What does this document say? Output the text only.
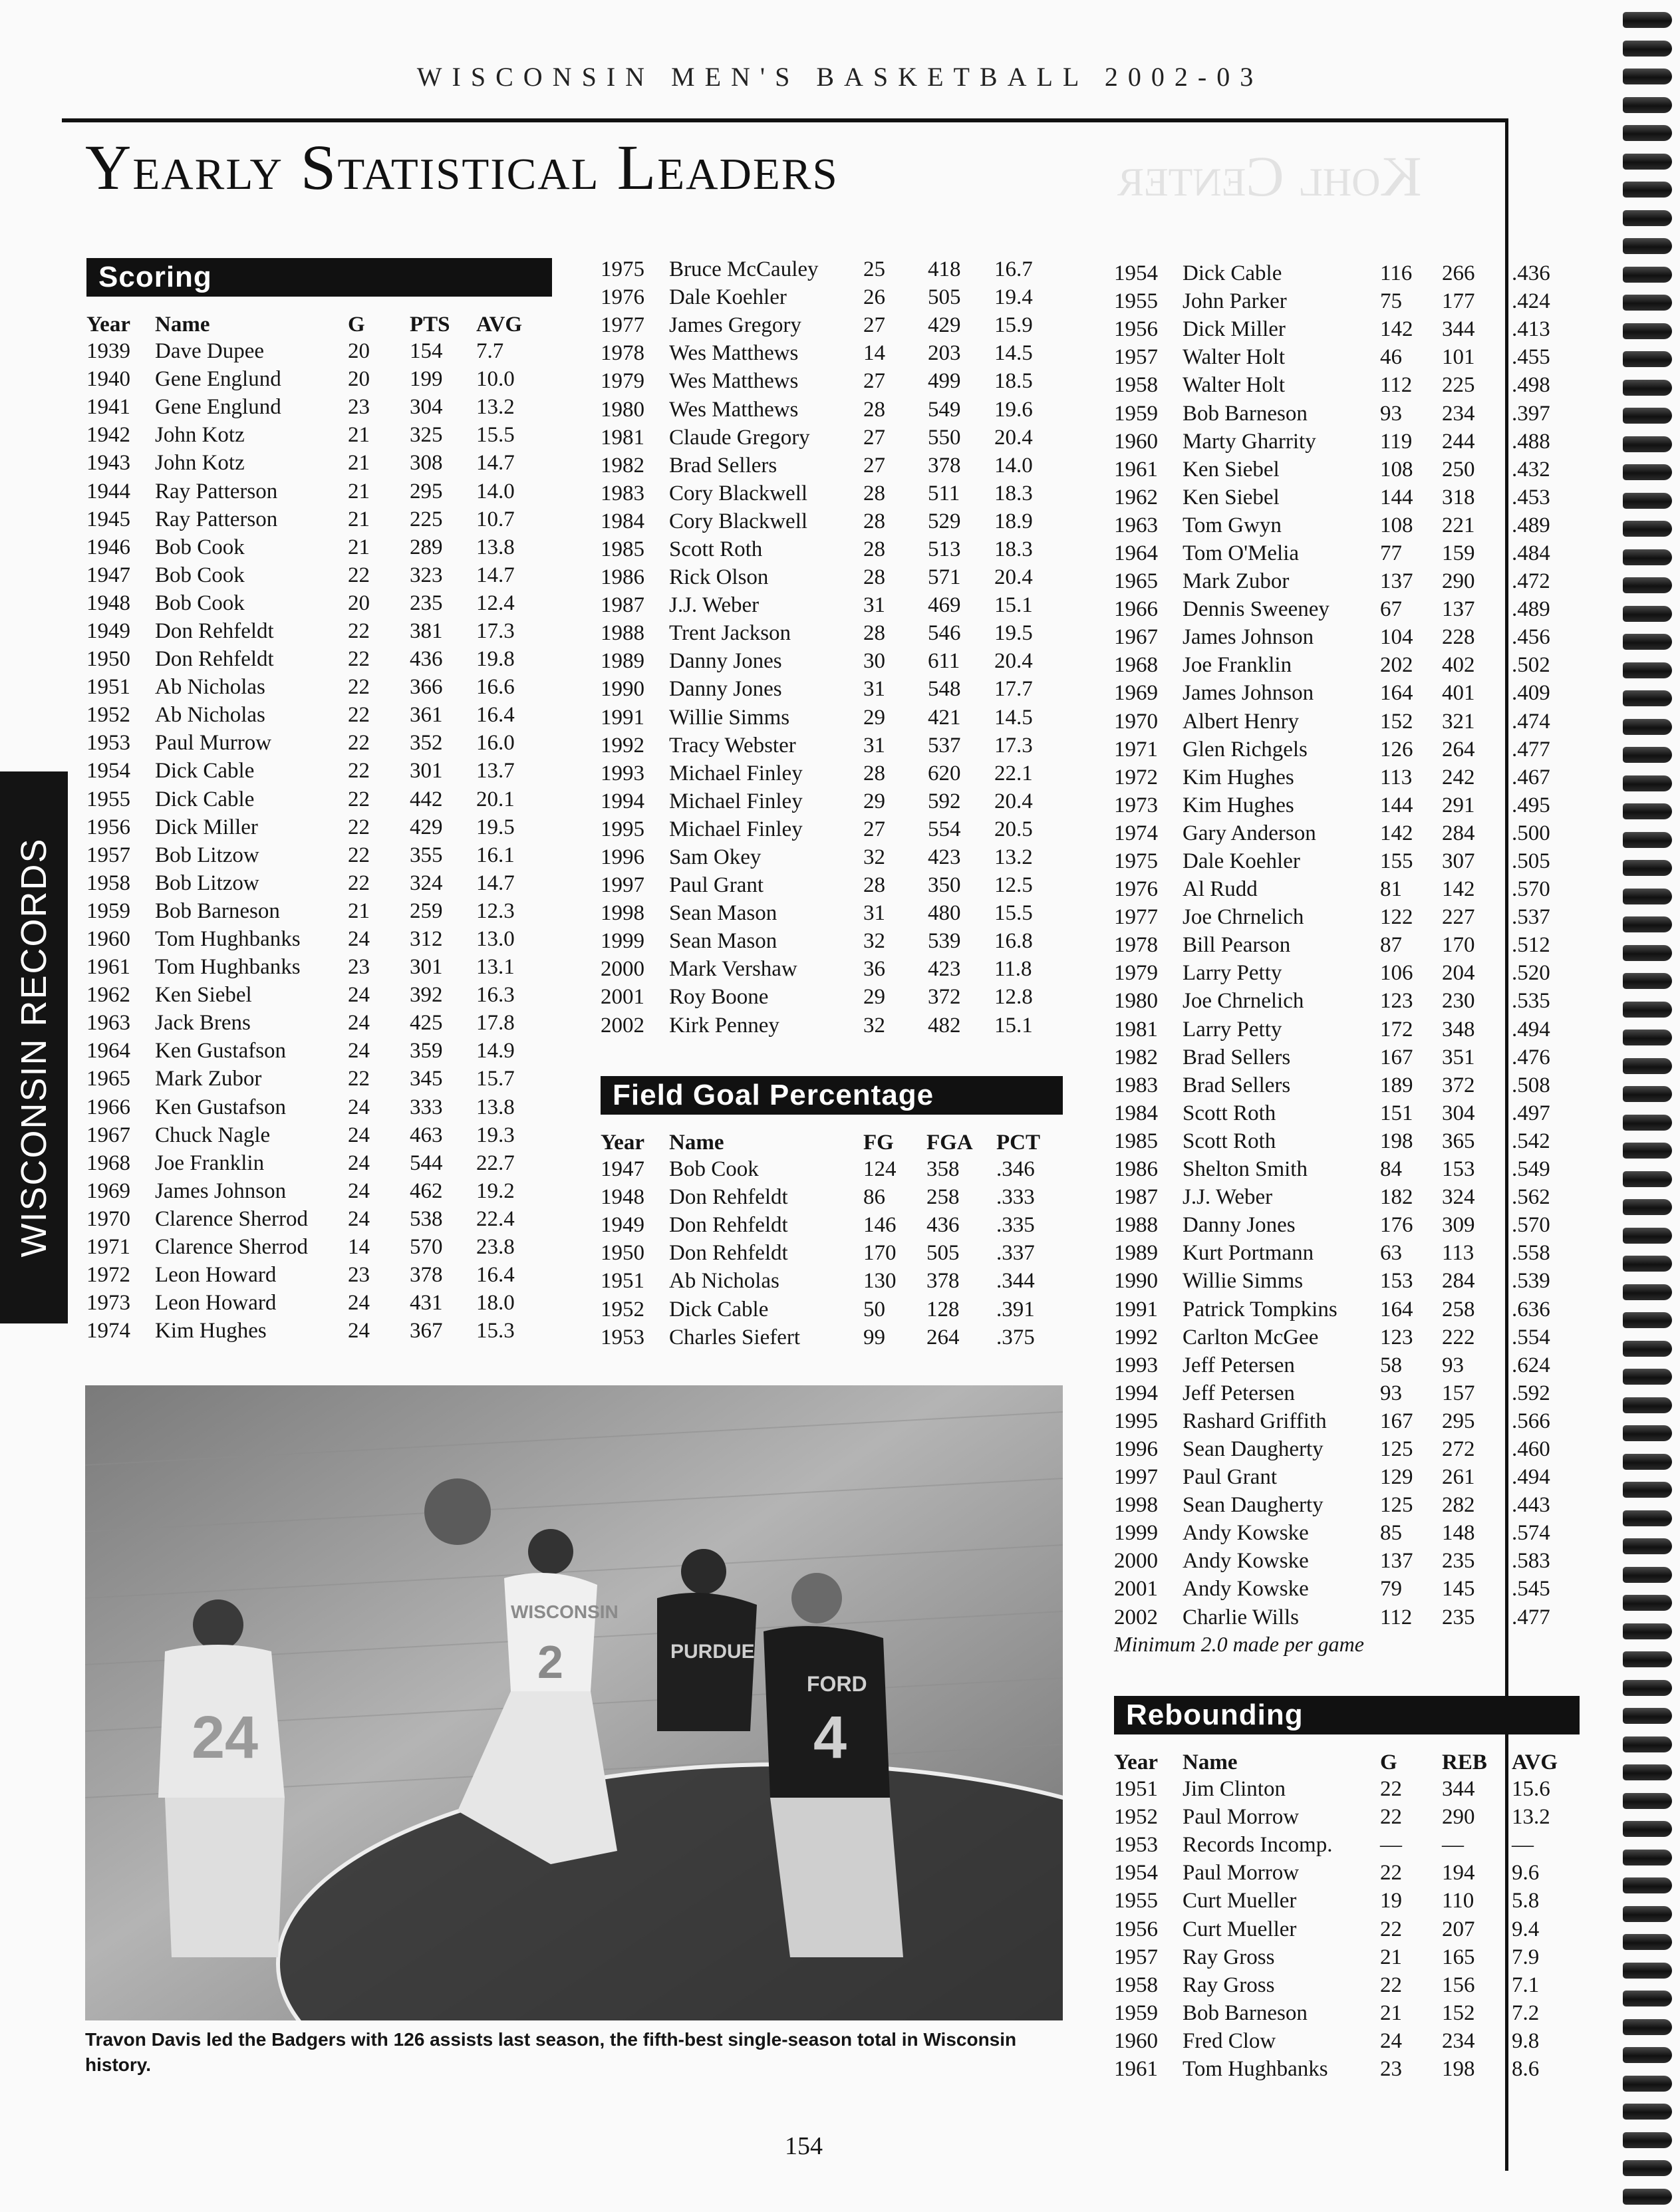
WISCONSIN MEN'S BASKETBALL 2002-03
Kohl Center
Yearly Statistical Leaders
WISCONSIN RECORDS
Scoring
Year	Name	G	PTS	AVG
1939	Dave Dupee	20	154	7.7
1940	Gene Englund	20	199	10.0
1941	Gene Englund	23	304	13.2
1942	John Kotz	21	325	15.5
1943	John Kotz	21	308	14.7
1944	Ray Patterson	21	295	14.0
1945	Ray Patterson	21	225	10.7
1946	Bob Cook	21	289	13.8
1947	Bob Cook	22	323	14.7
1948	Bob Cook	20	235	12.4
1949	Don Rehfeldt	22	381	17.3
1950	Don Rehfeldt	22	436	19.8
1951	Ab Nicholas	22	366	16.6
1952	Ab Nicholas	22	361	16.4
1953	Paul Murrow	22	352	16.0
1954	Dick Cable	22	301	13.7
1955	Dick Cable	22	442	20.1
1956	Dick Miller	22	429	19.5
1957	Bob Litzow	22	355	16.1
1958	Bob Litzow	22	324	14.7
1959	Bob Barneson	21	259	12.3
1960	Tom Hughbanks	24	312	13.0
1961	Tom Hughbanks	23	301	13.1
1962	Ken Siebel	24	392	16.3
1963	Jack Brens	24	425	17.8
1964	Ken Gustafson	24	359	14.9
1965	Mark Zubor	22	345	15.7
1966	Ken Gustafson	24	333	13.8
1967	Chuck Nagle	24	463	19.3
1968	Joe Franklin	24	544	22.7
1969	James Johnson	24	462	19.2
1970	Clarence Sherrod	24	538	22.4
1971	Clarence Sherrod	14	570	23.8
1972	Leon Howard	23	378	16.4
1973	Leon Howard	24	431	18.0
1974	Kim Hughes	24	367	15.3
1975	Bruce McCauley	25	418	16.7
1976	Dale Koehler	26	505	19.4
1977	James Gregory	27	429	15.9
1978	Wes Matthews	14	203	14.5
1979	Wes Matthews	27	499	18.5
1980	Wes Matthews	28	549	19.6
1981	Claude Gregory	27	550	20.4
1982	Brad Sellers	27	378	14.0
1983	Cory Blackwell	28	511	18.3
1984	Cory Blackwell	28	529	18.9
1985	Scott Roth	28	513	18.3
1986	Rick Olson	28	571	20.4
1987	J.J. Weber	31	469	15.1
1988	Trent Jackson	28	546	19.5
1989	Danny Jones	30	611	20.4
1990	Danny Jones	31	548	17.7
1991	Willie Simms	29	421	14.5
1992	Tracy Webster	31	537	17.3
1993	Michael Finley	28	620	22.1
1994	Michael Finley	29	592	20.4
1995	Michael Finley	27	554	20.5
1996	Sam Okey	32	423	13.2
1997	Paul Grant	28	350	12.5
1998	Sean Mason	31	480	15.5
1999	Sean Mason	32	539	16.8
2000	Mark Vershaw	36	423	11.8
2001	Roy Boone	29	372	12.8
2002	Kirk Penney	32	482	15.1
Field Goal Percentage
Year	Name	FG	FGA	PCT
1947	Bob Cook	124	358	.346
1948	Don Rehfeldt	86	258	.333
1949	Don Rehfeldt	146	436	.335
1950	Don Rehfeldt	170	505	.337
1951	Ab Nicholas	130	378	.344
1952	Dick Cable	50	128	.391
1953	Charles Siefert	99	264	.375
1954	Dick Cable	116	266	.436
1955	John Parker	75	177	.424
1956	Dick Miller	142	344	.413
1957	Walter Holt	46	101	.455
1958	Walter Holt	112	225	.498
1959	Bob Barneson	93	234	.397
1960	Marty Gharrity	119	244	.488
1961	Ken Siebel	108	250	.432
1962	Ken Siebel	144	318	.453
1963	Tom Gwyn	108	221	.489
1964	Tom O'Melia	77	159	.484
1965	Mark Zubor	137	290	.472
1966	Dennis Sweeney	67	137	.489
1967	James Johnson	104	228	.456
1968	Joe Franklin	202	402	.502
1969	James Johnson	164	401	.409
1970	Albert Henry	152	321	.474
1971	Glen Richgels	126	264	.477
1972	Kim Hughes	113	242	.467
1973	Kim Hughes	144	291	.495
1974	Gary Anderson	142	284	.500
1975	Dale Koehler	155	307	.505
1976	Al Rudd	81	142	.570
1977	Joe Chrnelich	122	227	.537
1978	Bill Pearson	87	170	.512
1979	Larry Petty	106	204	.520
1980	Joe Chrnelich	123	230	.535
1981	Larry Petty	172	348	.494
1982	Brad Sellers	167	351	.476
1983	Brad Sellers	189	372	.508
1984	Scott Roth	151	304	.497
1985	Scott Roth	198	365	.542
1986	Shelton Smith	84	153	.549
1987	J.J. Weber	182	324	.562
1988	Danny Jones	176	309	.570
1989	Kurt Portmann	63	113	.558
1990	Willie Simms	153	284	.539
1991	Patrick Tompkins	164	258	.636
1992	Carlton McGee	123	222	.554
1993	Jeff Petersen	58	93	.624
1994	Jeff Petersen	93	157	.592
1995	Rashard Griffith	167	295	.566
1996	Sean Daugherty	125	272	.460
1997	Paul Grant	129	261	.494
1998	Sean Daugherty	125	282	.443
1999	Andy Kowske	85	148	.574
2000	Andy Kowske	137	235	.583
2001	Andy Kowske	79	145	.545
2002	Charlie Wills	112	235	.477
Minimum 2.0 made per game
Rebounding
Year	Name	G	REB	AVG
1951	Jim Clinton	22	344	15.6
1952	Paul Morrow	22	290	13.2
1953	Records Incomp.	—	—	—
1954	Paul Morrow	22	194	9.6
1955	Curt Mueller	19	110	5.8
1956	Curt Mueller	22	207	9.4
1957	Ray Gross	21	165	7.9
1958	Ray Gross	22	156	7.1
1959	Bob Barneson	21	152	7.2
1960	Fred Clow	24	234	9.8
1961	Tom Hughbanks	23	198	8.6
24
WISCONSIN
2	PURDUE
FORD
4
Travon Davis led the Badgers with 126 assists last season, the fifth-best single-season total in Wisconsin history.
154
